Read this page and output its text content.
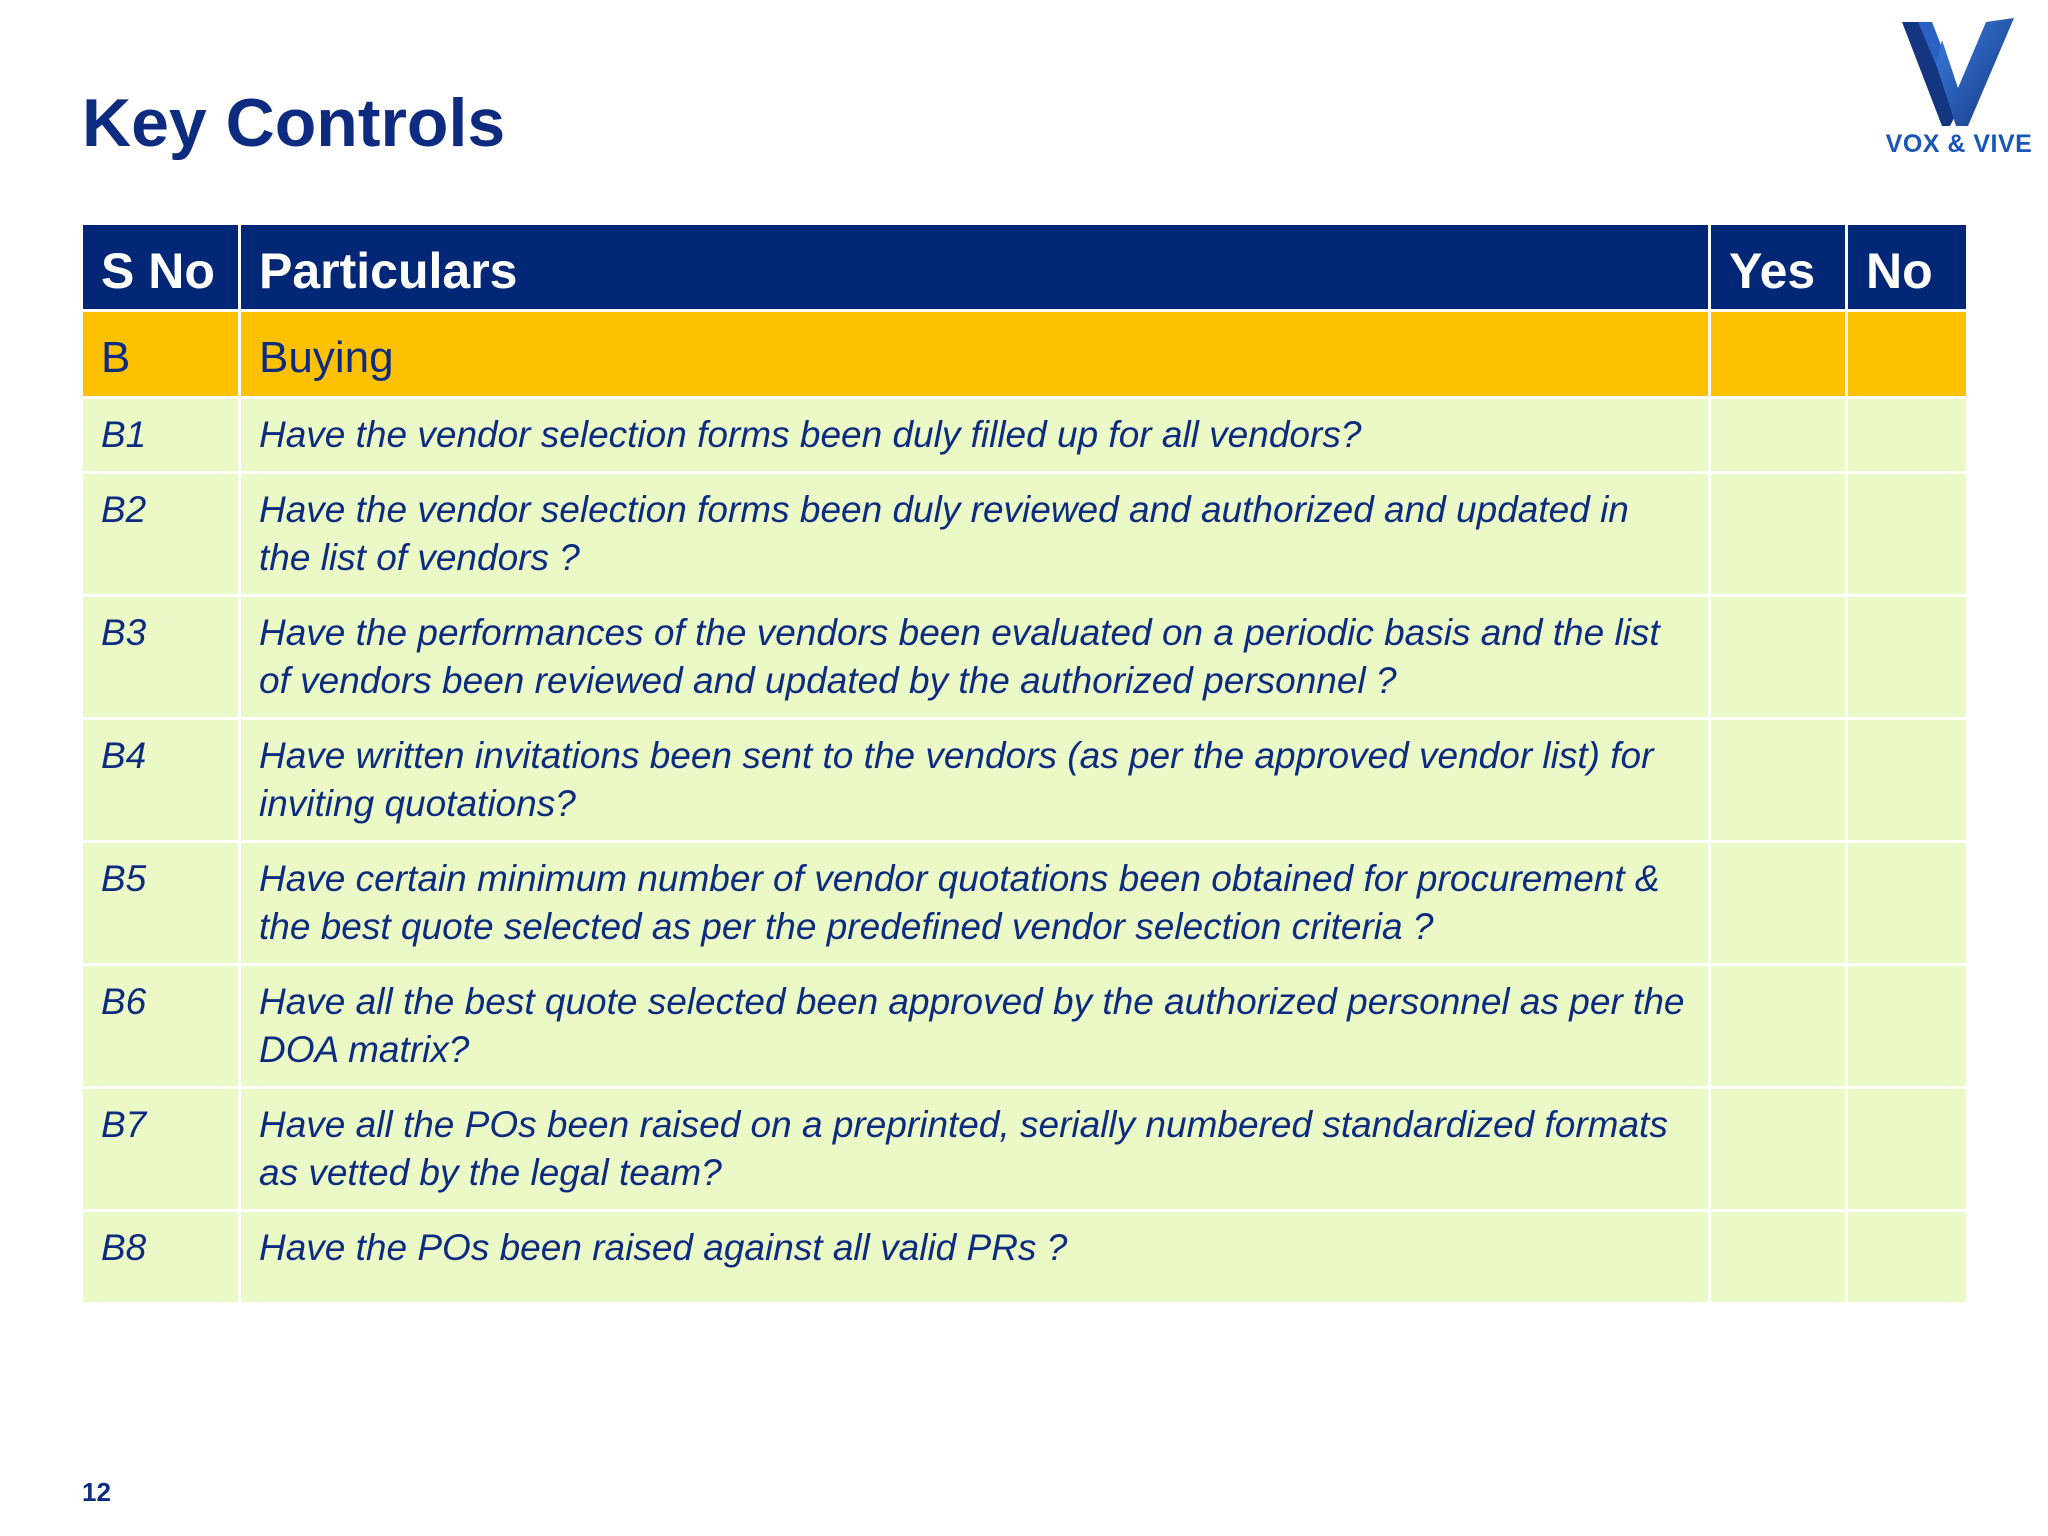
Key Controls	VOX & VIVE
S No	Particulars	Yes	No
B	Buying		
B1	Have the vendor selection forms been duly filled up for all vendors?		
B2	Have the vendor selection forms been duly reviewed and authorized and updated in the list of vendors ?		
B3	Have the performances of the vendors been evaluated on a periodic basis and the list of vendors been reviewed and updated by the authorized personnel ?		
B4	Have written invitations been sent to the vendors (as per the approved vendor list) for inviting quotations?		
B5	Have certain minimum number of vendor quotations been obtained for procurement & the best quote selected as per the predefined vendor selection criteria ?		
B6	Have all the best quote selected been approved by the authorized personnel as per the DOA matrix?		
B7	Have all the POs been raised on a preprinted, serially numbered standardized formats as vetted by the legal team?		
B8	Have the POs been raised against all valid PRs ?		
12
